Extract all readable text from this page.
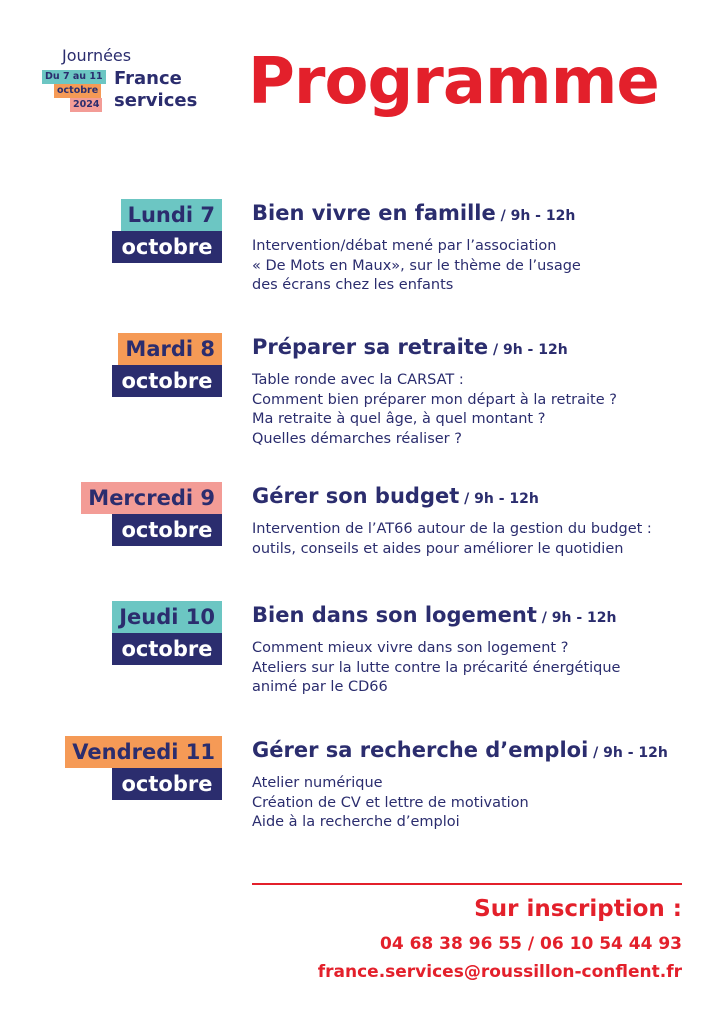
Journées
Du 7 au 11
octobre
2024
France
services Programme
Lundi 7
octobre
Bien vivre en famille / 9h - 12h
Intervention/débat mené par l’association
« De Mots en Maux», sur le thème de l’usage
des écrans chez les enfants
Mardi 8
octobre
Préparer sa retraite / 9h - 12h
Table ronde avec la CARSAT :
Comment bien préparer mon départ à la retraite ?
Ma retraite à quel âge, à quel montant ?
Quelles démarches réaliser ?
Mercredi 9
octobre
Gérer son budget / 9h - 12h
Intervention de l’AT66 autour de la gestion du budget :
outils, conseils et aides pour améliorer le quotidien
Jeudi 10
octobre
Bien dans son logement / 9h - 12h
Comment mieux vivre dans son logement ?
Ateliers sur la lutte contre la précarité énergétique
animé par le CD66
Vendredi 11
octobre
Gérer sa recherche d’emploi / 9h - 12h
Atelier numérique
Création de CV et lettre de motivation
Aide à la recherche d’emploi
Sur inscription :
04 68 38 96 55 / 06 10 54 44 93
france.services@roussillon-conflent.fr
